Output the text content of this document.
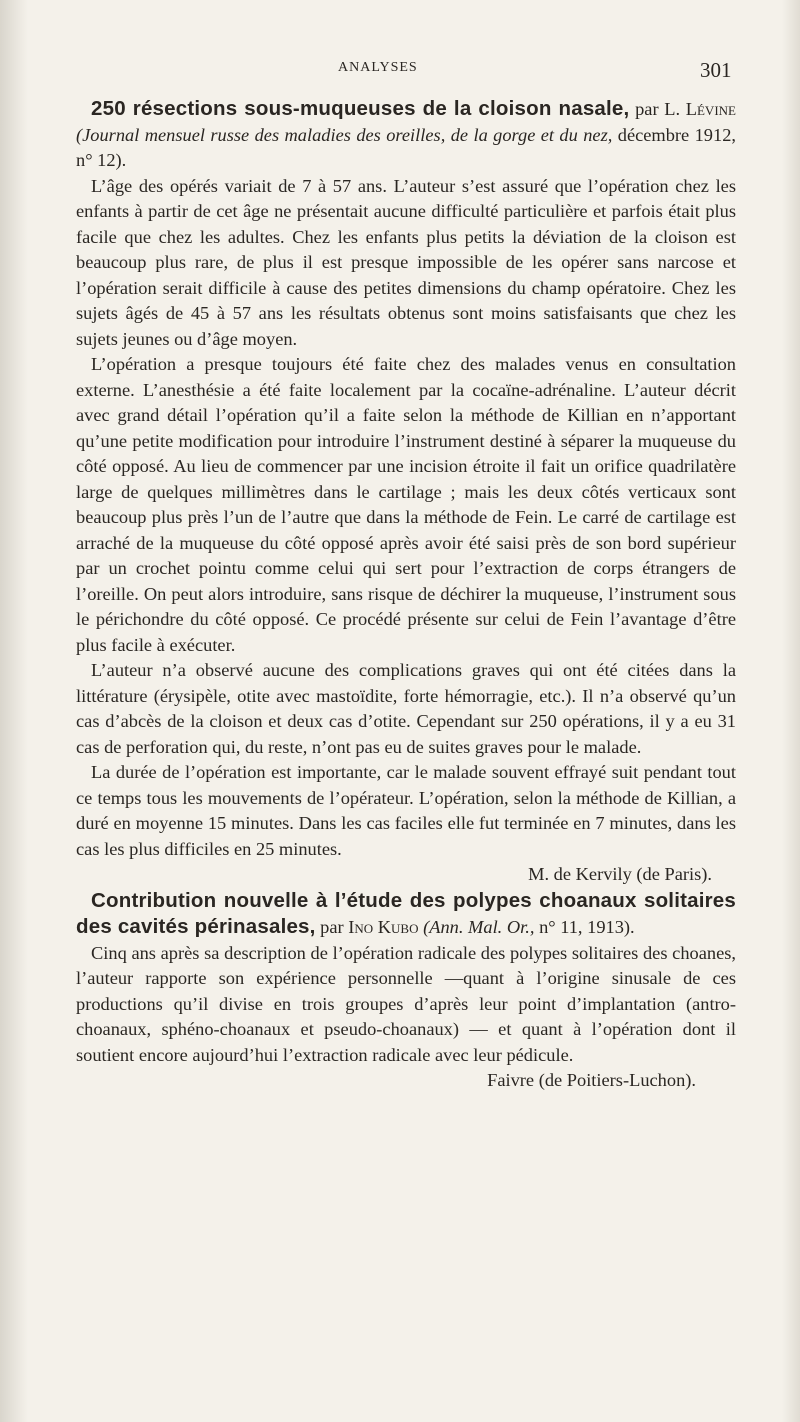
ANALYSES	301

250 résections sous-muqueuses de la cloison nasale, par L. Lévine (Journal mensuel russe des maladies des oreilles, de la gorge et du nez, décembre 1912, n° 12).

L’âge des opérés variait de 7 à 57 ans. L’auteur s’est assuré que l’opération chez les enfants à partir de cet âge ne présentait aucune difficulté particulière et parfois était plus facile que chez les adultes. Chez les enfants plus petits la déviation de la cloison est beaucoup plus rare, de plus il est presque impossible de les opérer sans narcose et l’opération serait difficile à cause des petites dimensions du champ opératoire. Chez les sujets âgés de 45 à 57 ans les résultats obtenus sont moins satisfaisants que chez les sujets jeunes ou d’âge moyen.

L’opération a presque toujours été faite chez des malades venus en consultation externe. L’anesthésie a été faite localement par la cocaïne-adrénaline. L’auteur décrit avec grand détail l’opération qu’il a faite selon la méthode de Killian en n’apportant qu’une petite modification pour introduire l’instrument destiné à séparer la muqueuse du côté opposé. Au lieu de commencer par une incision étroite il fait un orifice quadrilatère large de quelques millimètres dans le cartilage ; mais les deux côtés verticaux sont beaucoup plus près l’un de l’autre que dans la méthode de Fein. Le carré de cartilage est arraché de la muqueuse du côté opposé après avoir été saisi près de son bord supérieur par un crochet pointu comme celui qui sert pour l’extraction de corps étrangers de l’oreille. On peut alors introduire, sans risque de déchirer la muqueuse, l’instrument sous le périchondre du côté opposé. Ce procédé présente sur celui de Fein l’avantage d’être plus facile à exécuter.

L’auteur n’a observé aucune des complications graves qui ont été citées dans la littérature (érysipèle, otite avec mastoïdite, forte hémorragie, etc.). Il n’a observé qu’un cas d’abcès de la cloison et deux cas d’otite. Cependant sur 250 opérations, il y a eu 31 cas de perforation qui, du reste, n’ont pas eu de suites graves pour le malade.

La durée de l’opération est importante, car le malade souvent effrayé suit pendant tout ce temps tous les mouvements de l’opérateur. L’opération, selon la méthode de Killian, a duré en moyenne 15 minutes. Dans les cas faciles elle fut terminée en 7 minutes, dans les cas les plus difficiles en 25 minutes.

M. de Kervily (de Paris).

Contribution nouvelle à l’étude des polypes choanaux solitaires des cavités périnasales, par Ino Kubo (Ann. Mal. Or., n° 11, 1913).

Cinq ans après sa description de l’opération radicale des polypes solitaires des choanes, l’auteur rapporte son expérience personnelle —quant à l’origine sinusale de ces productions qu’il divise en trois groupes d’après leur point d’implantation (antro-choanaux, sphéno-choanaux et pseudo-choanaux) — et quant à l’opération dont il soutient encore aujourd’hui l’extraction radicale avec leur pédicule.

Faivre (de Poitiers-Luchon).
